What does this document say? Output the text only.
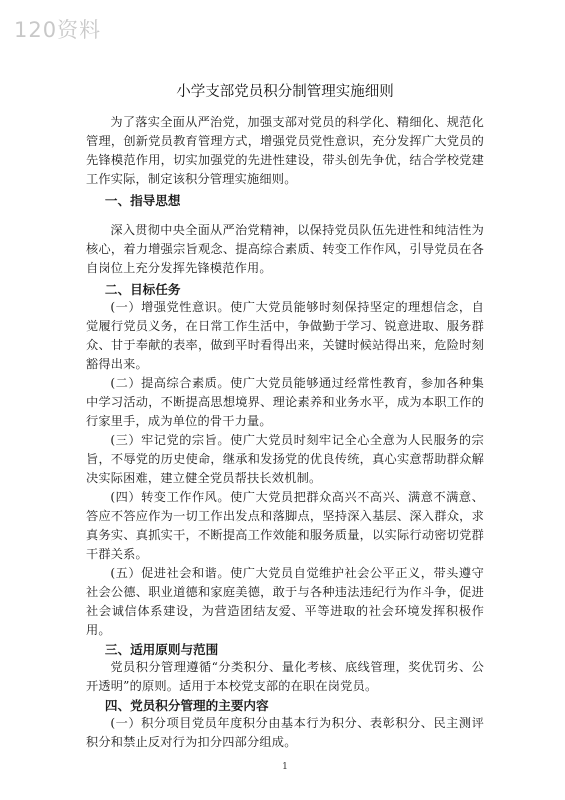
120资料
小学支部党员积分制管理实施细则
为了落实全面从严治党，加强支部对党员的科学化、精细化、规范化管理，创新党员教育管理方式，增强党员党性意识，充分发挥广大党员的先锋模范作用，切实加强党的先进性建设，带头创先争优，结合学校党建工作实际，制定该积分管理实施细则。
一、指导思想
深入贯彻中央全面从严治党精神，以保持党员队伍先进性和纯洁性为核心，着力增强宗旨观念、提高综合素质、转变工作作风，引导党员在各自岗位上充分发挥先锋模范作用。
二、目标任务
(一）增强党性意识。使广大党员能够时刻保持坚定的理想信念，自觉履行党员义务，在日常工作生活中，争做勤于学习、锐意进取、服务群众、甘于奉献的表率，做到平时看得出来，关键时候站得出来，危险时刻豁得出来。
(二）提高综合素质。使广大党员能够通过经常性教育，参加各种集中学习活动，不断提高思想境界、理论素养和业务水平，成为本职工作的行家里手，成为单位的骨干力量。
(三）牢记党的宗旨。使广大党员时刻牢记全心全意为人民服务的宗旨，不辱党的历史使命，继承和发扬党的优良传统，真心实意帮助群众解决实际困难，建立健全党员帮扶长效机制。
(四）转变工作作风。使广大党员把群众高兴不高兴、满意不满意、答应不答应作为一切工作出发点和落脚点，坚持深入基层、深入群众，求真务实、真抓实干，不断提高工作效能和服务质量，以实际行动密切党群干群关系。
(五）促进社会和谐。使广大党员自觉维护社会公平正义，带头遵守社会公德、职业道德和家庭美德，敢于与各种违法违纪行为作斗争，促进社会诚信体系建设，为营造团结友爱、平等进取的社会环境发挥积极作用。
三、适用原则与范围
党员积分管理遵循“分类积分、量化考核、底线管理，奖优罚劣、公开透明”的原则。适用于本校党支部的在职在岗党员。
四、党员积分管理的主要内容
(一）积分项目党员年度积分由基本行为积分、表彰积分、民主测评积分和禁止反对行为扣分四部分组成。
1
